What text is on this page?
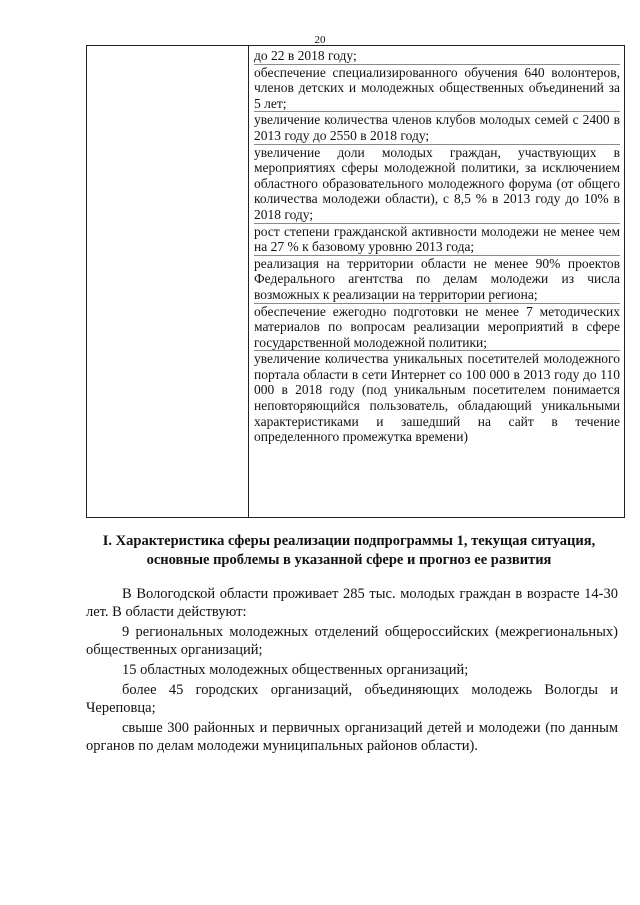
20
до 22 в 2018 году;
обеспечение специализированного обучения 640 волонтеров, членов детских и молодежных общественных объединений за 5 лет;
увеличение количества членов клубов молодых семей с 2400 в 2013 году до 2550 в 2018 году;
увеличение доли молодых граждан, участвующих в мероприятиях сферы молодежной политики, за исключением областного образовательного молодежного форума (от общего количества молодежи области), с 8,5 % в 2013 году до 10% в 2018 году;
рост степени гражданской активности молодежи не менее чем на 27 % к базовому уровню 2013 года;
реализация на территории области не менее 90% проектов Федерального агентства по делам молодежи из числа возможных к реализации на территории региона;
обеспечение ежегодно подготовки не менее 7 методических материалов по вопросам реализации мероприятий в сфере государственной молодежной политики;
увеличение количества уникальных посетителей молодежного портала области в сети Интернет со 100 000 в 2013 году до 110 000 в 2018 году (под уникальным посетителем понимается неповторяющийся пользователь, обладающий уникальными характеристиками и зашедший на сайт в течение определенного промежутка времени)
I. Характеристика сферы реализации подпрограммы 1, текущая ситуация, основные проблемы в указанной сфере и прогноз ее развития

В Вологодской области проживает 285 тыс. молодых граждан в возрасте 14-30 лет. В области действуют:

9 региональных молодежных отделений общероссийских (межрегиональных) общественных организаций;

15 областных молодежных общественных организаций;

более 45 городских организаций, объединяющих молодежь Вологды и Череповца;

свыше 300 районных и первичных организаций детей и молодежи (по данным органов по делам молодежи муниципальных районов области).
